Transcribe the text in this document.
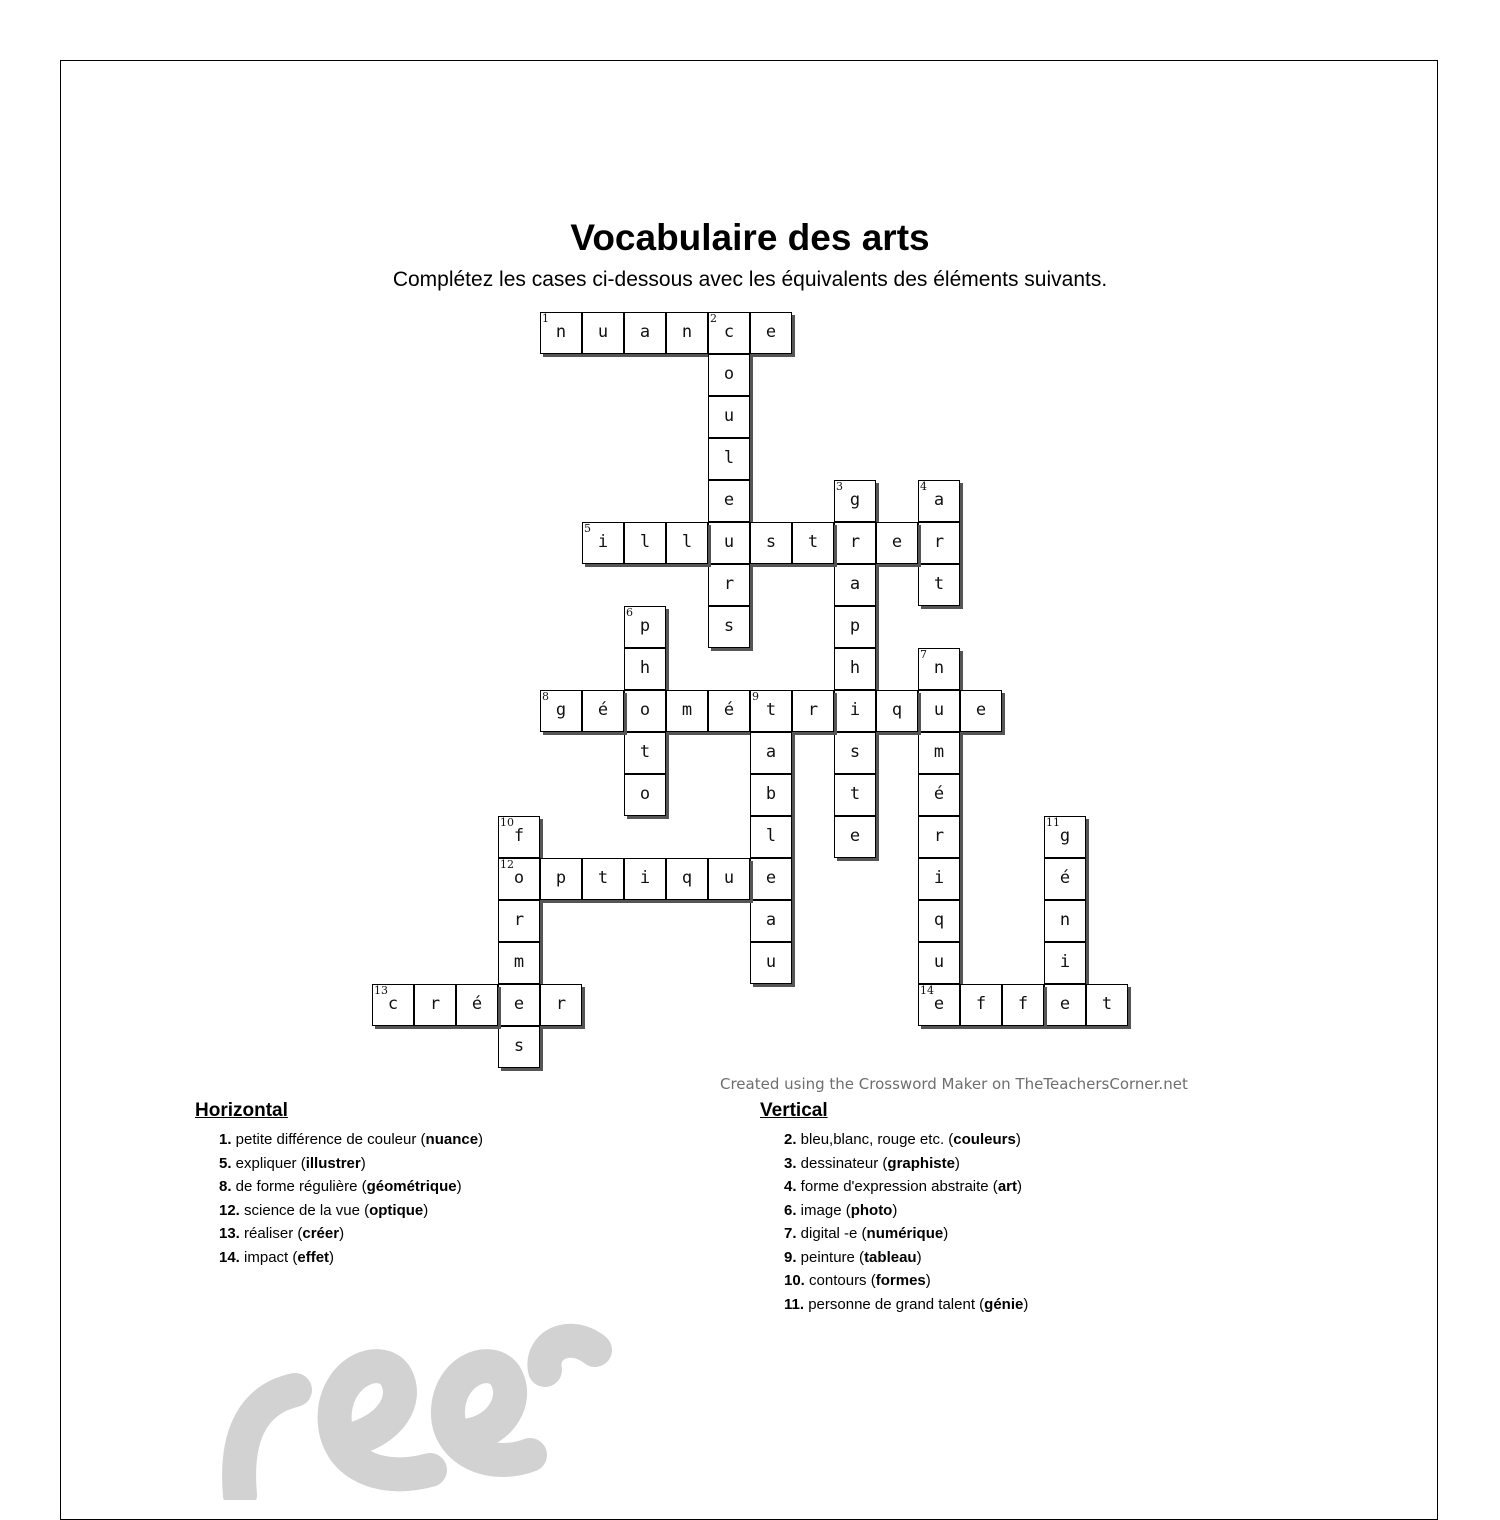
Vocabulaire des arts
Complétez les cases ci-dessous avec les équivalents des éléments suivants.
1
n	u	a	n
2
c	e
o
u
l
e
u
r
s
3
g
r
a
p
h
i
s
t
e
4
a
r
t
5
i	l	l	s	t	e
6
p
h
o
t
o
7
n
u
m
é
r
i
q
u
14
e
8
g	é	m	é
9
t	r	q	e
a
b
l
e
a
u
10
f
12
o
r
m
e
s
11
g
é
n
i
e
p	t	i	q	u
13
c	r	é	r	f	f	t
Created using the Crossword Maker on TheTeachersCorner.net
Horizontal
1. petite différence de couleur (nuance)
5. expliquer (illustrer)
8. de forme régulière (géométrique)
12. science de la vue (optique)
13. réaliser (créer)
14. impact (effet)
Vertical
2. bleu,blanc, rouge etc. (couleurs)
3. dessinateur (graphiste)
4. forme d'expression abstraite (art)
6. image (photo)
7. digital -e (numérique)
9. peinture (tableau)
10. contours (formes)
11. personne de grand talent (génie)
